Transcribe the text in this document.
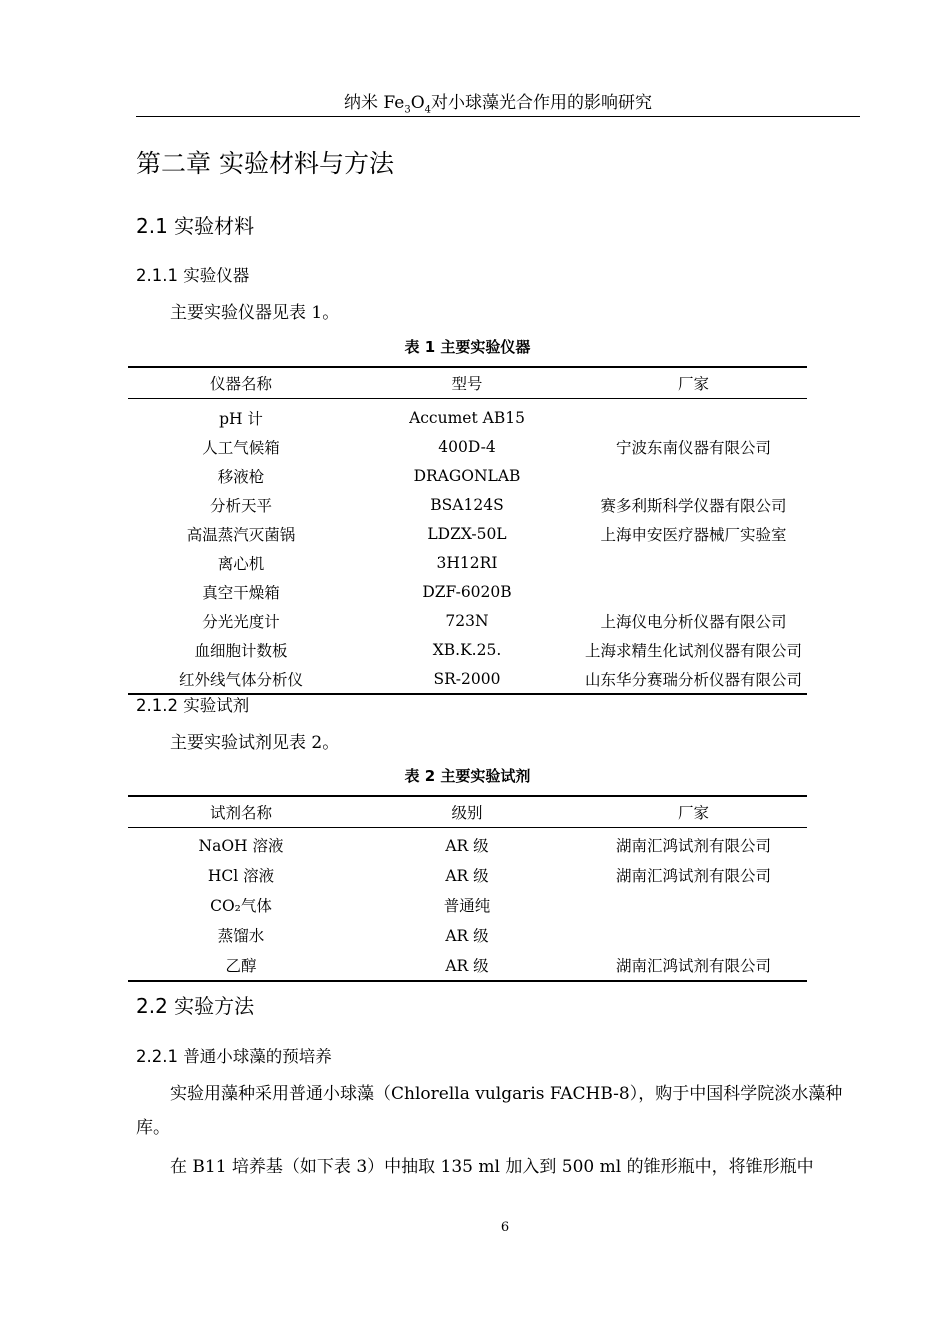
纳米 $Fe_3O_4$对小球藻光合作用的影响研究
第二章 实验材料与方法
2.1 实验材料
2.1.1 实验仪器
主要实验仪器见表 1。
表 1 主要实验仪器
仪器名称	型号	厂家
pH 计	Accumet AB15	
人工气候箱	400D-4	宁波东南仪器有限公司
移液枪	DRAGONLAB	
分析天平	BSA124S	赛多利斯科学仪器有限公司
高温蒸汽灭菌锅	LDZX-50L	上海申安医疗器械厂实验室
离心机	3H12RI	
真空干燥箱	DZF-6020B	
分光光度计	723N	上海仪电分析仪器有限公司
血细胞计数板	XB.K.25.	上海求精生化试剂仪器有限公司
红外线气体分析仪	SR-2000	山东华分赛瑞分析仪器有限公司
2.1.2 实验试剂
主要实验试剂见表 2。
表 2 主要实验试剂
试剂名称	级别	厂家
NaOH 溶液	AR 级	湖南汇鸿试剂有限公司
HCl 溶液	AR 级	湖南汇鸿试剂有限公司
CO₂气体	普通纯	
蒸馏水	AR 级	
乙醇	AR 级	湖南汇鸿试剂有限公司
2.2 实验方法
2.2.1 普通小球藻的预培养
实验用藻种采用普通小球藻（Chlorella vulgaris FACHB-8），购于中国科学院淡水藻种库。
在 B11 培养基（如下表 3）中抽取 135 ml 加入到 500 ml 的锥形瓶中，将锥形瓶中
6
